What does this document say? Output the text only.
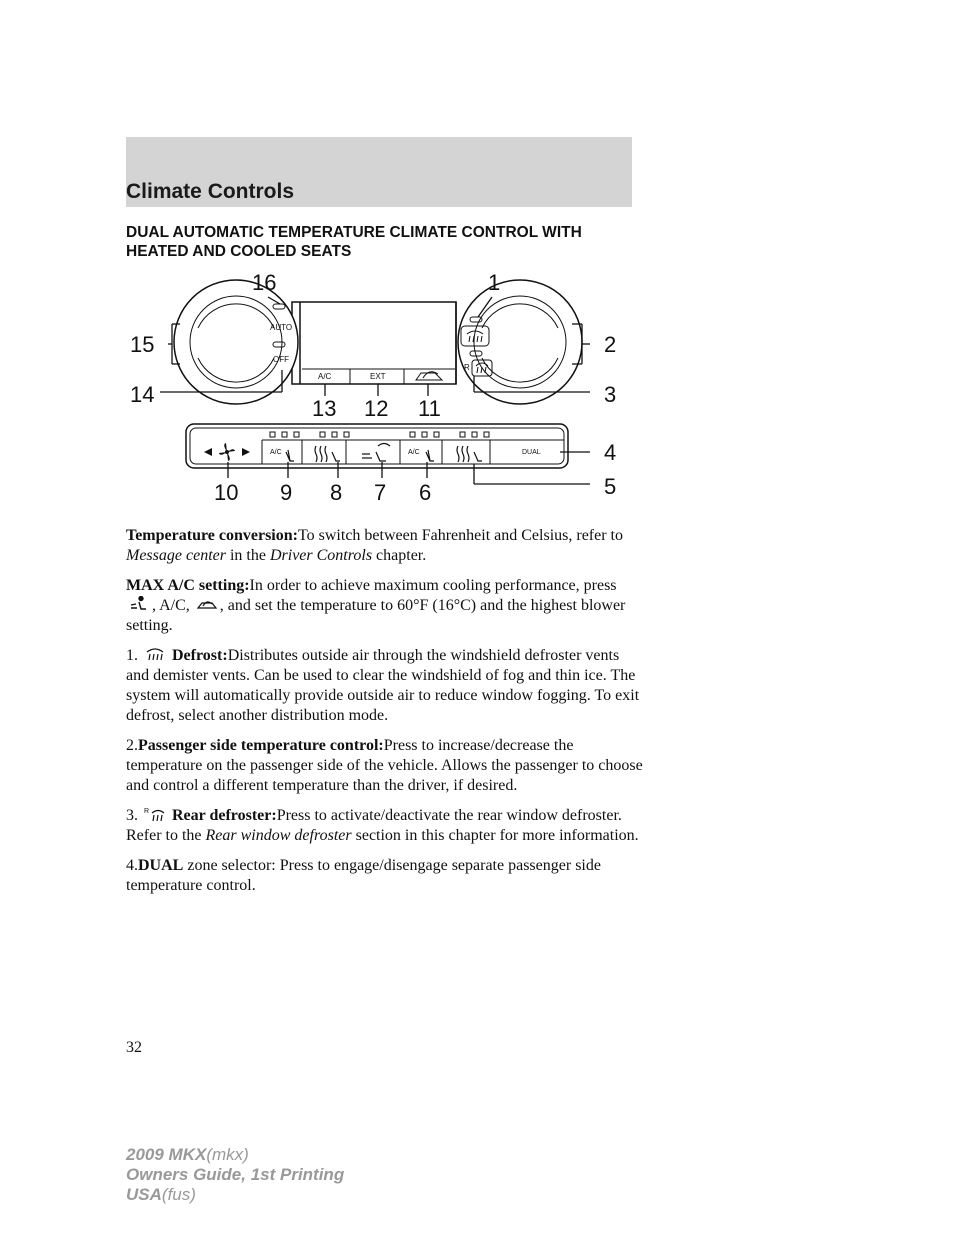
Climate Controls
DUAL AUTOMATIC TEMPERATURE CLIMATE CONTROL WITH HEATED AND COOLED SEATS
AUTO
OFF
R
A/C	EXT
A/C	A/C	DUAL
16	1
15	2
14	3
13 12 11
4
5
10 9 8 7 6

Temperature conversion:To switch between Fahrenheit and Celsius, refer to Message center in the Driver Controls chapter.

MAX A/C setting:In order to achieve maximum cooling performance, press , A/C, , and set the temperature to 60°F (16°C) and the highest blower setting.

1. Defrost:Distributes outside air through the windshield defroster vents and demister vents. Can be used to clear the windshield of fog and thin ice. The system will automatically provide outside air to reduce window fogging. To exit defrost, select another distribution mode.

2.Passenger side temperature control:Press to increase/decrease the temperature on the passenger side of the vehicle. Allows the passenger to choose and control a different temperature than the driver, if desired.

3. R Rear defroster:Press to activate/deactivate the rear window defroster. Refer to the Rear window defroster section in this chapter for more information.

4.DUAL zone selector: Press to engage/disengage separate passenger side temperature control.

32
2009 MKX(mkx)
Owners Guide, 1st Printing
USA(fus)
